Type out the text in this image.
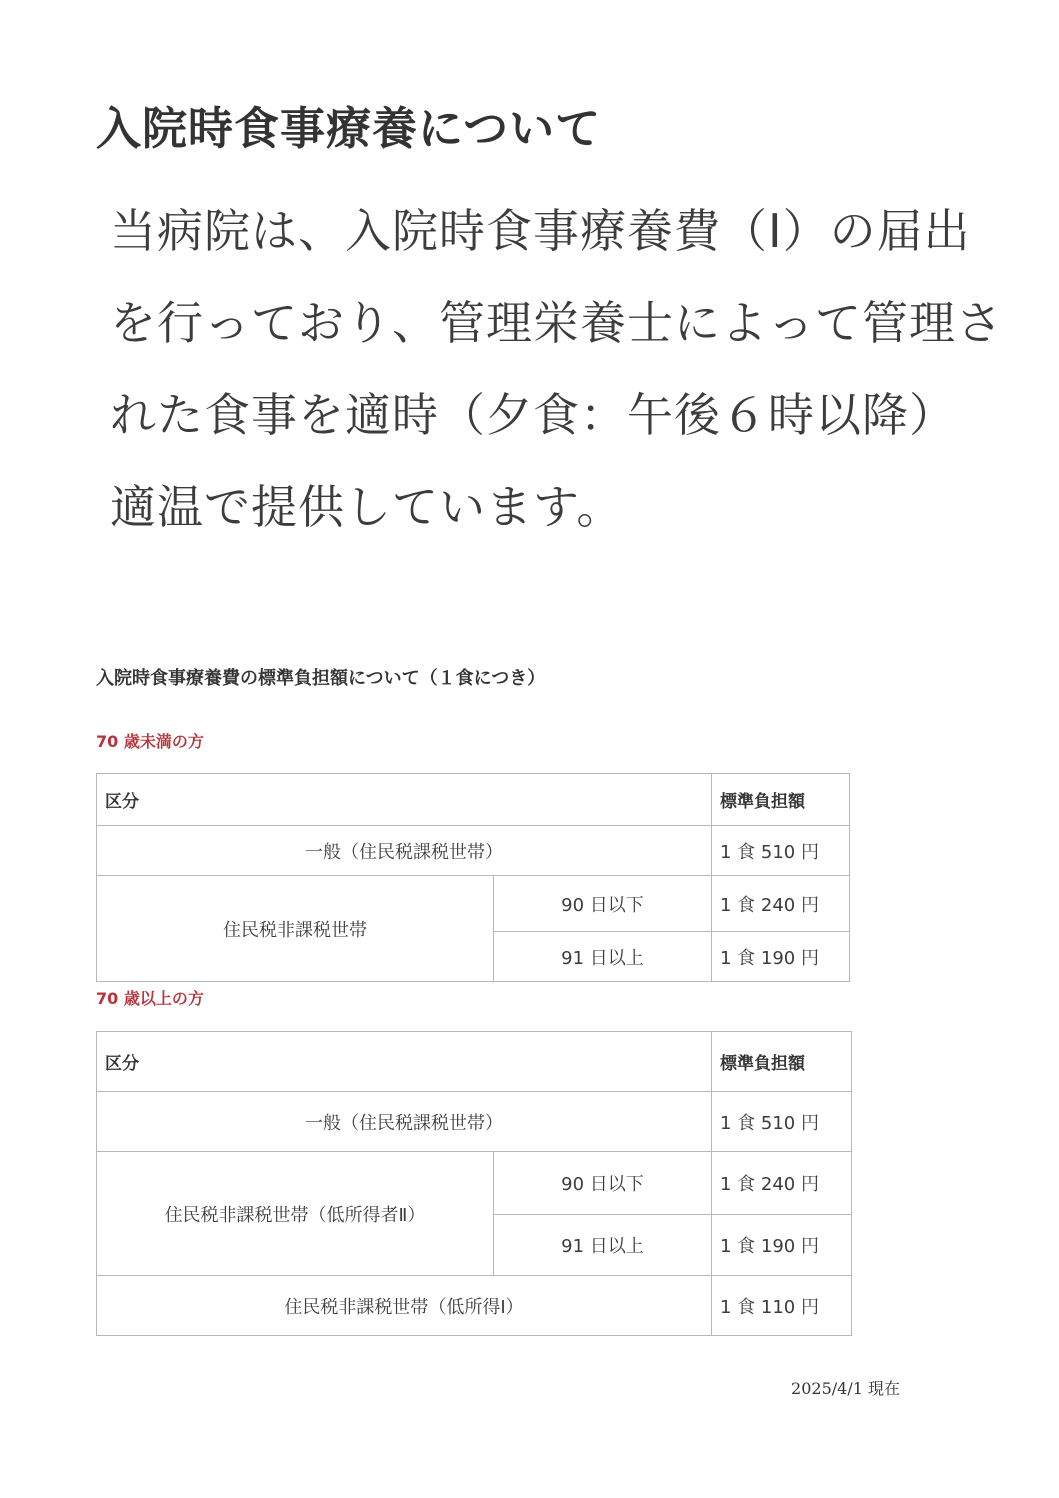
入院時食事療養について
当病院は、入院時食事療養費（Ⅰ）の届出
を行っており、管理栄養士によって管理さ
れた食事を適時（夕食：午後６時以降）
適温で提供しています。
入院時食事療養費の標準負担額について（１食につき）
70 歳未満の方
区分		標準負担額
一般（住民税課税世帯）		1 食 510 円
住民税非課税世帯	90 日以下	1 食 240 円
	91 日以上	1 食 190 円
70 歳以上の方
区分		標準負担額
一般（住民税課税世帯）		1 食 510 円
住民税非課税世帯（低所得者Ⅱ）	90 日以下	1 食 240 円
	91 日以上	1 食 190 円
住民税非課税世帯（低所得Ⅰ）		1 食 110 円
2025/4/1 現在
